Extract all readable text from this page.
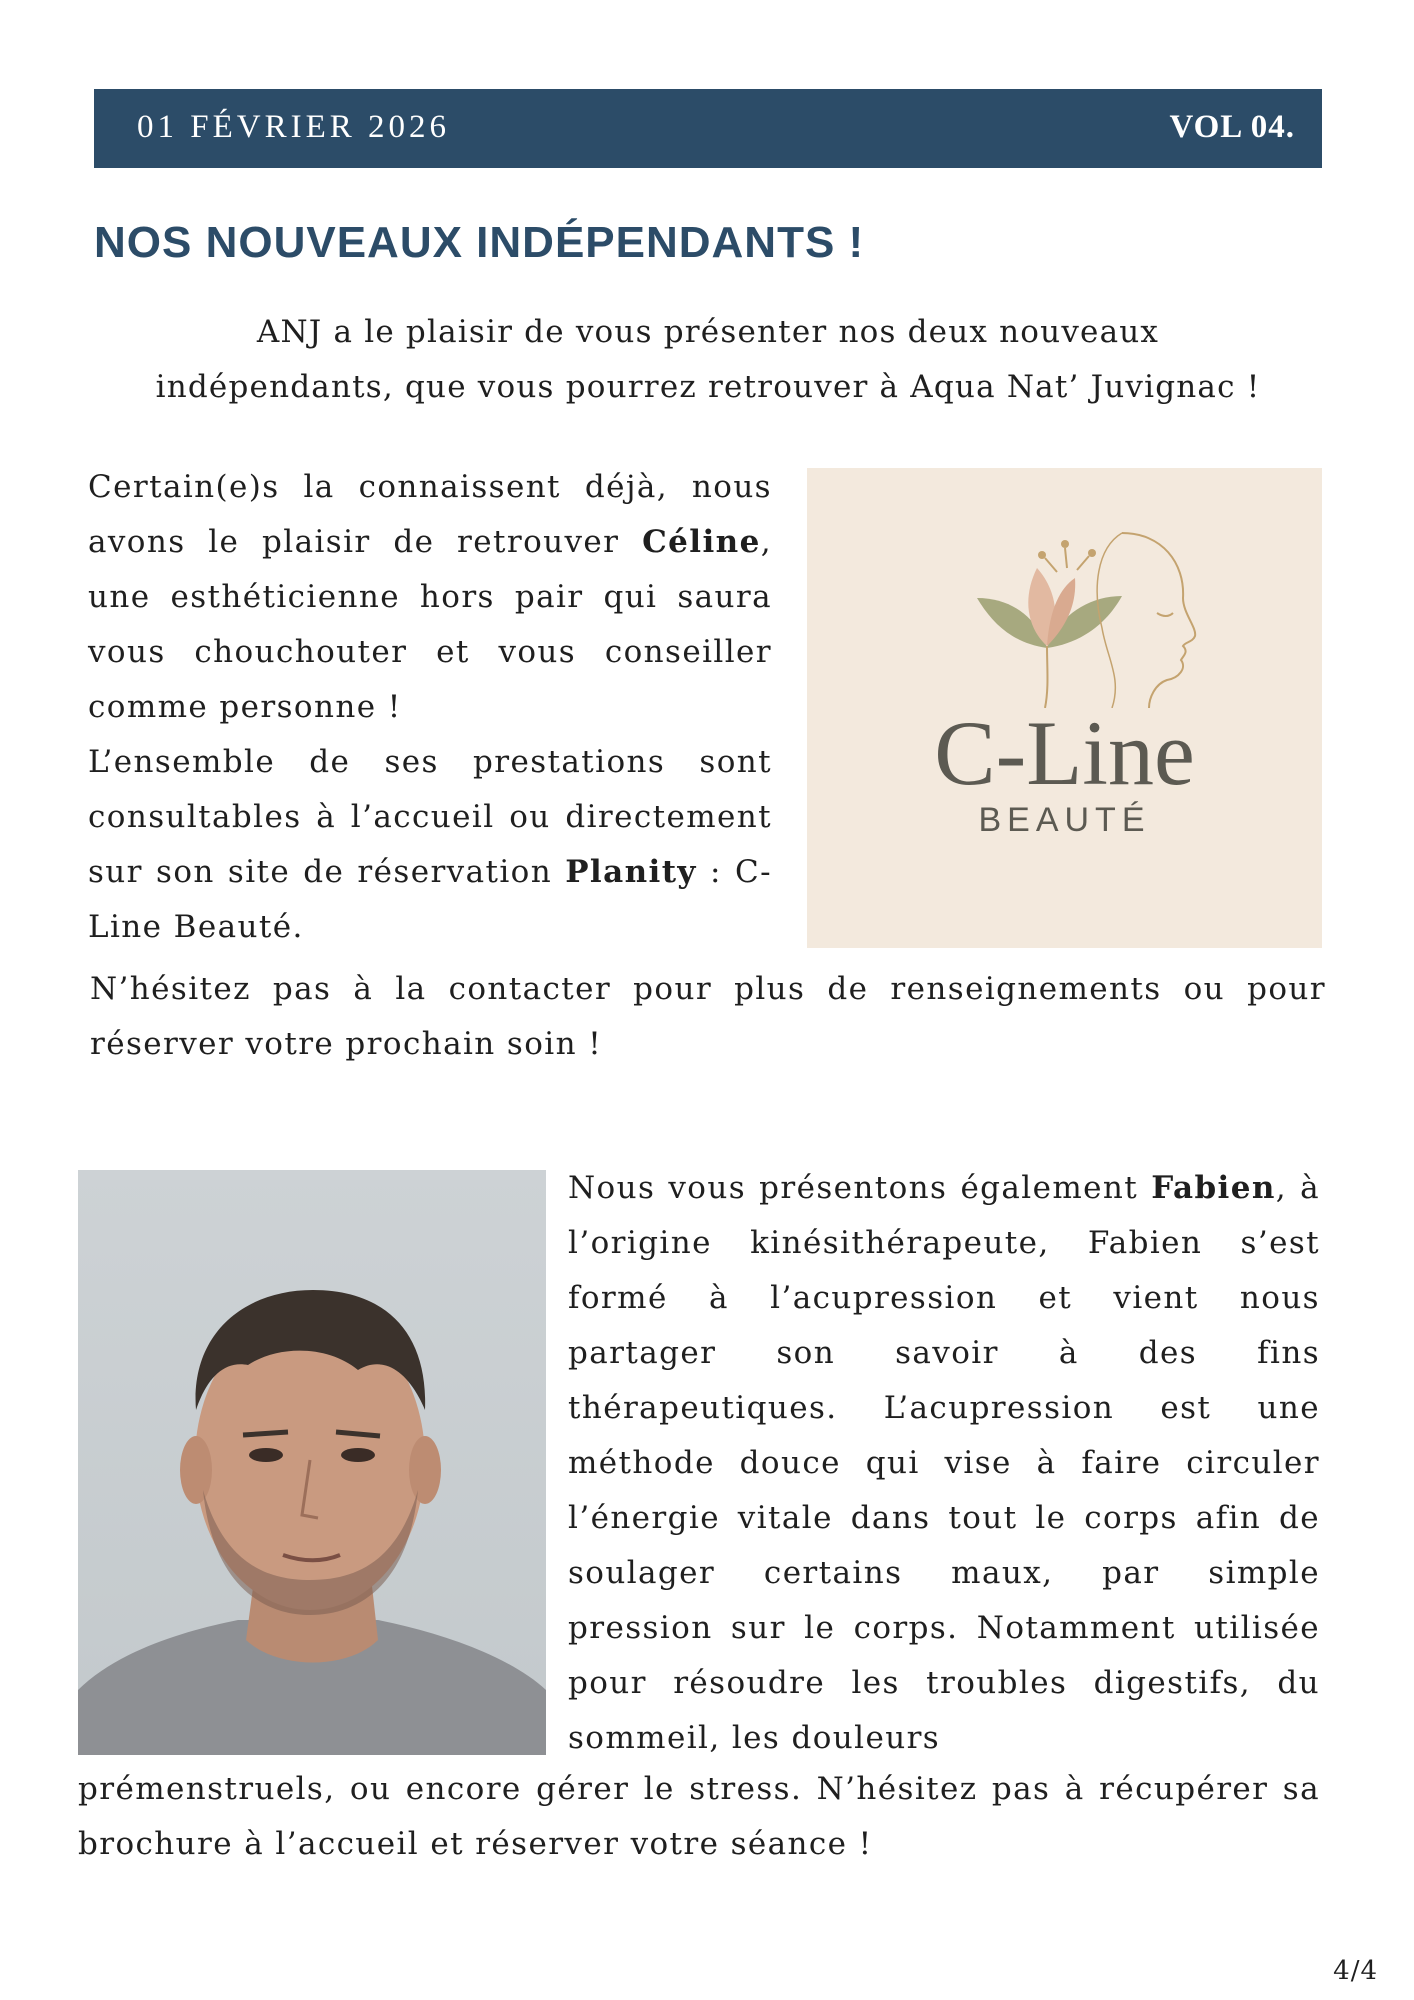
01 FÉVRIER 2026	VOL 04.
NOS NOUVEAUX INDÉPENDANTS !
ANJ a le plaisir de vous présenter nos deux nouveaux
indépendants, que vous pourrez retrouver à Aqua Nat’ Juvignac !

Certain(e)s la connaissent déjà, nous avons le plaisir de retrouver Céline, une esthéticienne hors pair qui saura vous chouchouter et vous conseiller comme personne !

L’ensemble de ses prestations sont consultables à l’accueil ou directement sur son site de réservation Planity : C-Line Beauté.

C-Line
BEAUTÉ

N’hésitez pas à la contacter pour plus de renseignements ou pour réserver votre prochain soin !

Nous vous présentons également Fabien, à l’origine kinésithérapeute, Fabien s’est formé à l’acupression et vient nous partager son savoir à des fins thérapeutiques. L’acupression est une méthode douce qui vise à faire circuler l’énergie vitale dans tout le corps afin de soulager certains maux, par simple pression sur le corps. Notamment utilisée pour résoudre les troubles digestifs, du sommeil, les douleurs

prémenstruels, ou encore gérer le stress. N’hésitez pas à récupérer sa brochure à l’accueil et réserver votre séance !

4/4
